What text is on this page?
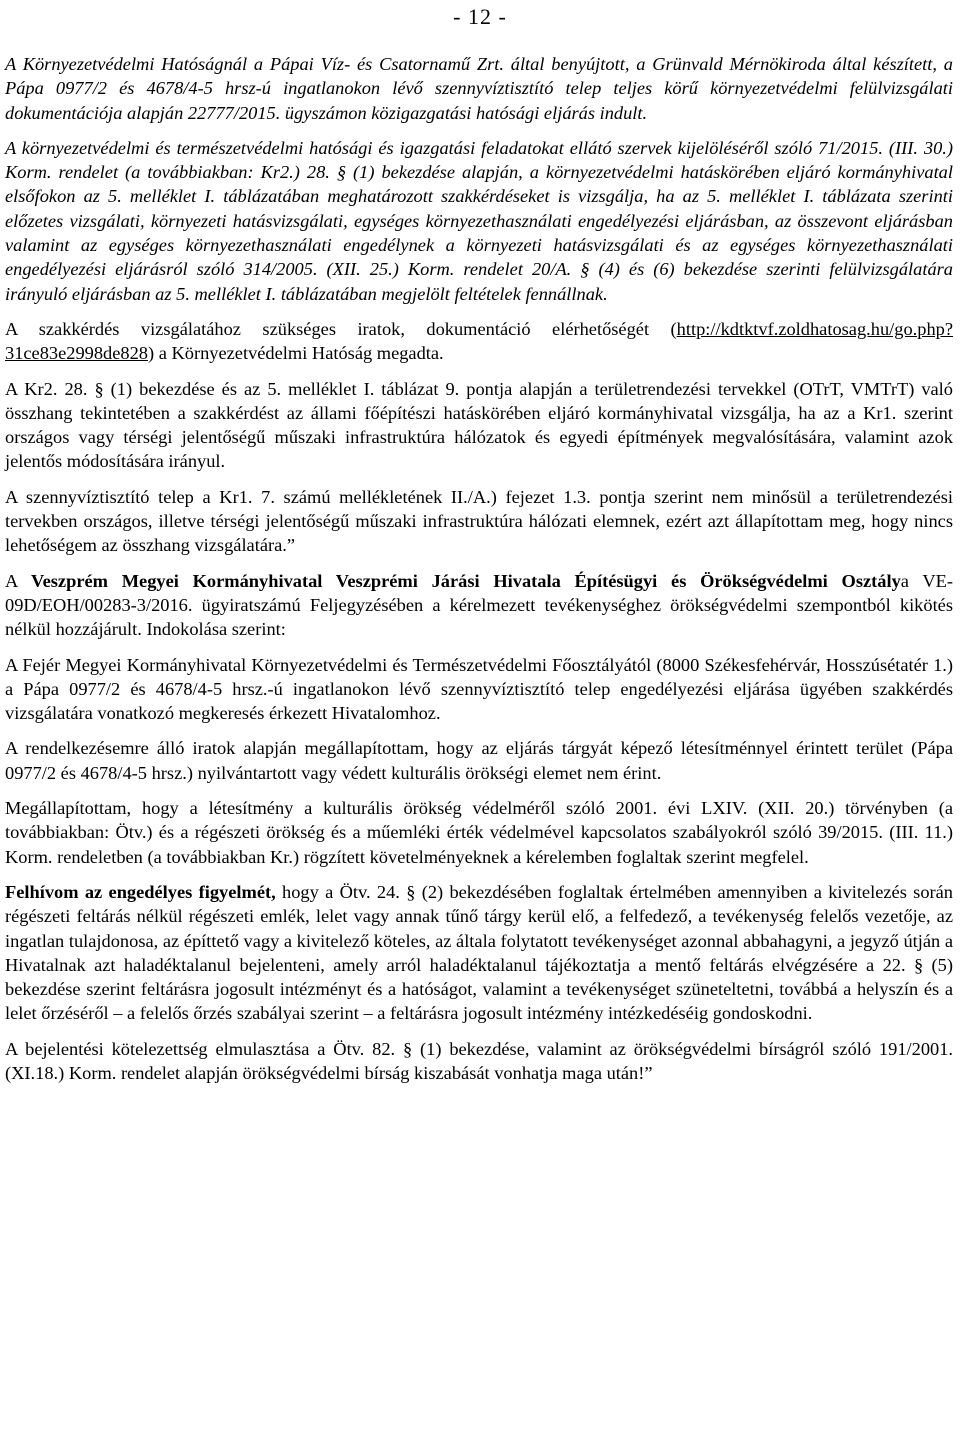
- 12 -

A Környezetvédelmi Hatóságnál a Pápai Víz- és Csatornamű Zrt. által benyújtott, a Grünvald Mérnökiroda által készített, a Pápa 0977/2 és 4678/4-5 hrsz-ú ingatlanokon lévő szennyvíztisztító telep teljes körű környezetvédelmi felülvizsgálati dokumentációja alapján 22777/2015. ügyszámon közigazgatási hatósági eljárás indult.

A környezetvédelmi és természetvédelmi hatósági és igazgatási feladatokat ellátó szervek kijelöléséről szóló 71/2015. (III. 30.) Korm. rendelet (a továbbiakban: Kr2.) 28. § (1) bekezdése alapján, a környezetvédelmi hatáskörében eljáró kormányhivatal elsőfokon az 5. melléklet I. táblázatában meghatározott szakkérdéseket is vizsgálja, ha az 5. melléklet I. táblázata szerinti előzetes vizsgálati, környezeti hatásvizsgálati, egységes környezethasználati engedélyezési eljárásban, az összevont eljárásban valamint az egységes környezethasználati engedélynek a környezeti hatásvizsgálati és az egységes környezethasználati engedélyezési eljárásról szóló 314/2005. (XII. 25.) Korm. rendelet 20/A. § (4) és (6) bekezdése szerinti felülvizsgálatára irányuló eljárásban az 5. melléklet I. táblázatában megjelölt feltételek fennállnak.

A szakkérdés vizsgálatához szükséges iratok, dokumentáció elérhetőségét (http://kdtktvf.zoldhatosag.hu/go.php?31ce83e2998de828) a Környezetvédelmi Hatóság megadta.

A Kr2. 28. § (1) bekezdése és az 5. melléklet I. táblázat 9. pontja alapján a területrendezési tervekkel (OTrT, VMTrT) való összhang tekintetében a szakkérdést az állami főépítészi hatáskörében eljáró kormányhivatal vizsgálja, ha az a Kr1. szerint országos vagy térségi jelentőségű műszaki infrastruktúra hálózatok és egyedi építmények megvalósítására, valamint azok jelentős módosítására irányul.

A szennyvíztisztító telep a Kr1. 7. számú mellékletének II./A.) fejezet 1.3. pontja szerint nem minősül a területrendezési tervekben országos, illetve térségi jelentőségű műszaki infrastruktúra hálózati elemnek, ezért azt állapítottam meg, hogy nincs lehetőségem az összhang vizsgálatára.”

A Veszprém Megyei Kormányhivatal Veszprémi Járási Hivatala Építésügyi és Örökségvédelmi Osztálya VE-09D/EOH/00283-3/2016. ügyiratszámú Feljegyzésében a kérelmezett tevékenységhez örökségvédelmi szempontból kikötés nélkül hozzájárult. Indokolása szerint:

A Fejér Megyei Kormányhivatal Környezetvédelmi és Természetvédelmi Főosztályától (8000 Székesfehérvár, Hosszúsétatér 1.) a Pápa 0977/2 és 4678/4-5 hrsz.-ú ingatlanokon lévő szennyvíztisztító telep engedélyezési eljárása ügyében szakkérdés vizsgálatára vonatkozó megkeresés érkezett Hivatalomhoz.

A rendelkezésemre álló iratok alapján megállapítottam, hogy az eljárás tárgyát képező létesítménnyel érintett terület (Pápa 0977/2 és 4678/4-5 hrsz.) nyilvántartott vagy védett kulturális örökségi elemet nem érint.

Megállapítottam, hogy a létesítmény a kulturális örökség védelméről szóló 2001. évi LXIV. (XII. 20.) törvényben (a továbbiakban: Ötv.) és a régészeti örökség és a műemléki érték védelmével kapcsolatos szabályokról szóló 39/2015. (III. 11.) Korm. rendeletben (a továbbiakban Kr.) rögzített követelményeknek a kérelemben foglaltak szerint megfelel.

Felhívom az engedélyes figyelmét, hogy a Ötv. 24. § (2) bekezdésében foglaltak értelmében amennyiben a kivitelezés során régészeti feltárás nélkül régészeti emlék, lelet vagy annak tűnő tárgy kerül elő, a felfedező, a tevékenység felelős vezetője, az ingatlan tulajdonosa, az építtető vagy a kivitelező köteles, az általa folytatott tevékenységet azonnal abbahagyni, a jegyző útján a Hivatalnak azt haladéktalanul bejelenteni, amely arról haladéktalanul tájékoztatja a mentő feltárás elvégzésére a 22. § (5) bekezdése szerint feltárásra jogosult intézményt és a hatóságot, valamint a tevékenységet szüneteltetni, továbbá a helyszín és a lelet őrzéséről – a felelős őrzés szabályai szerint – a feltárásra jogosult intézmény intézkedéséig gondoskodni.

A bejelentési kötelezettség elmulasztása a Ötv. 82. § (1) bekezdése, valamint az örökségvédelmi bírságról szóló 191/2001. (XI.18.) Korm. rendelet alapján örökségvédelmi bírság kiszabását vonhatja maga után!”
